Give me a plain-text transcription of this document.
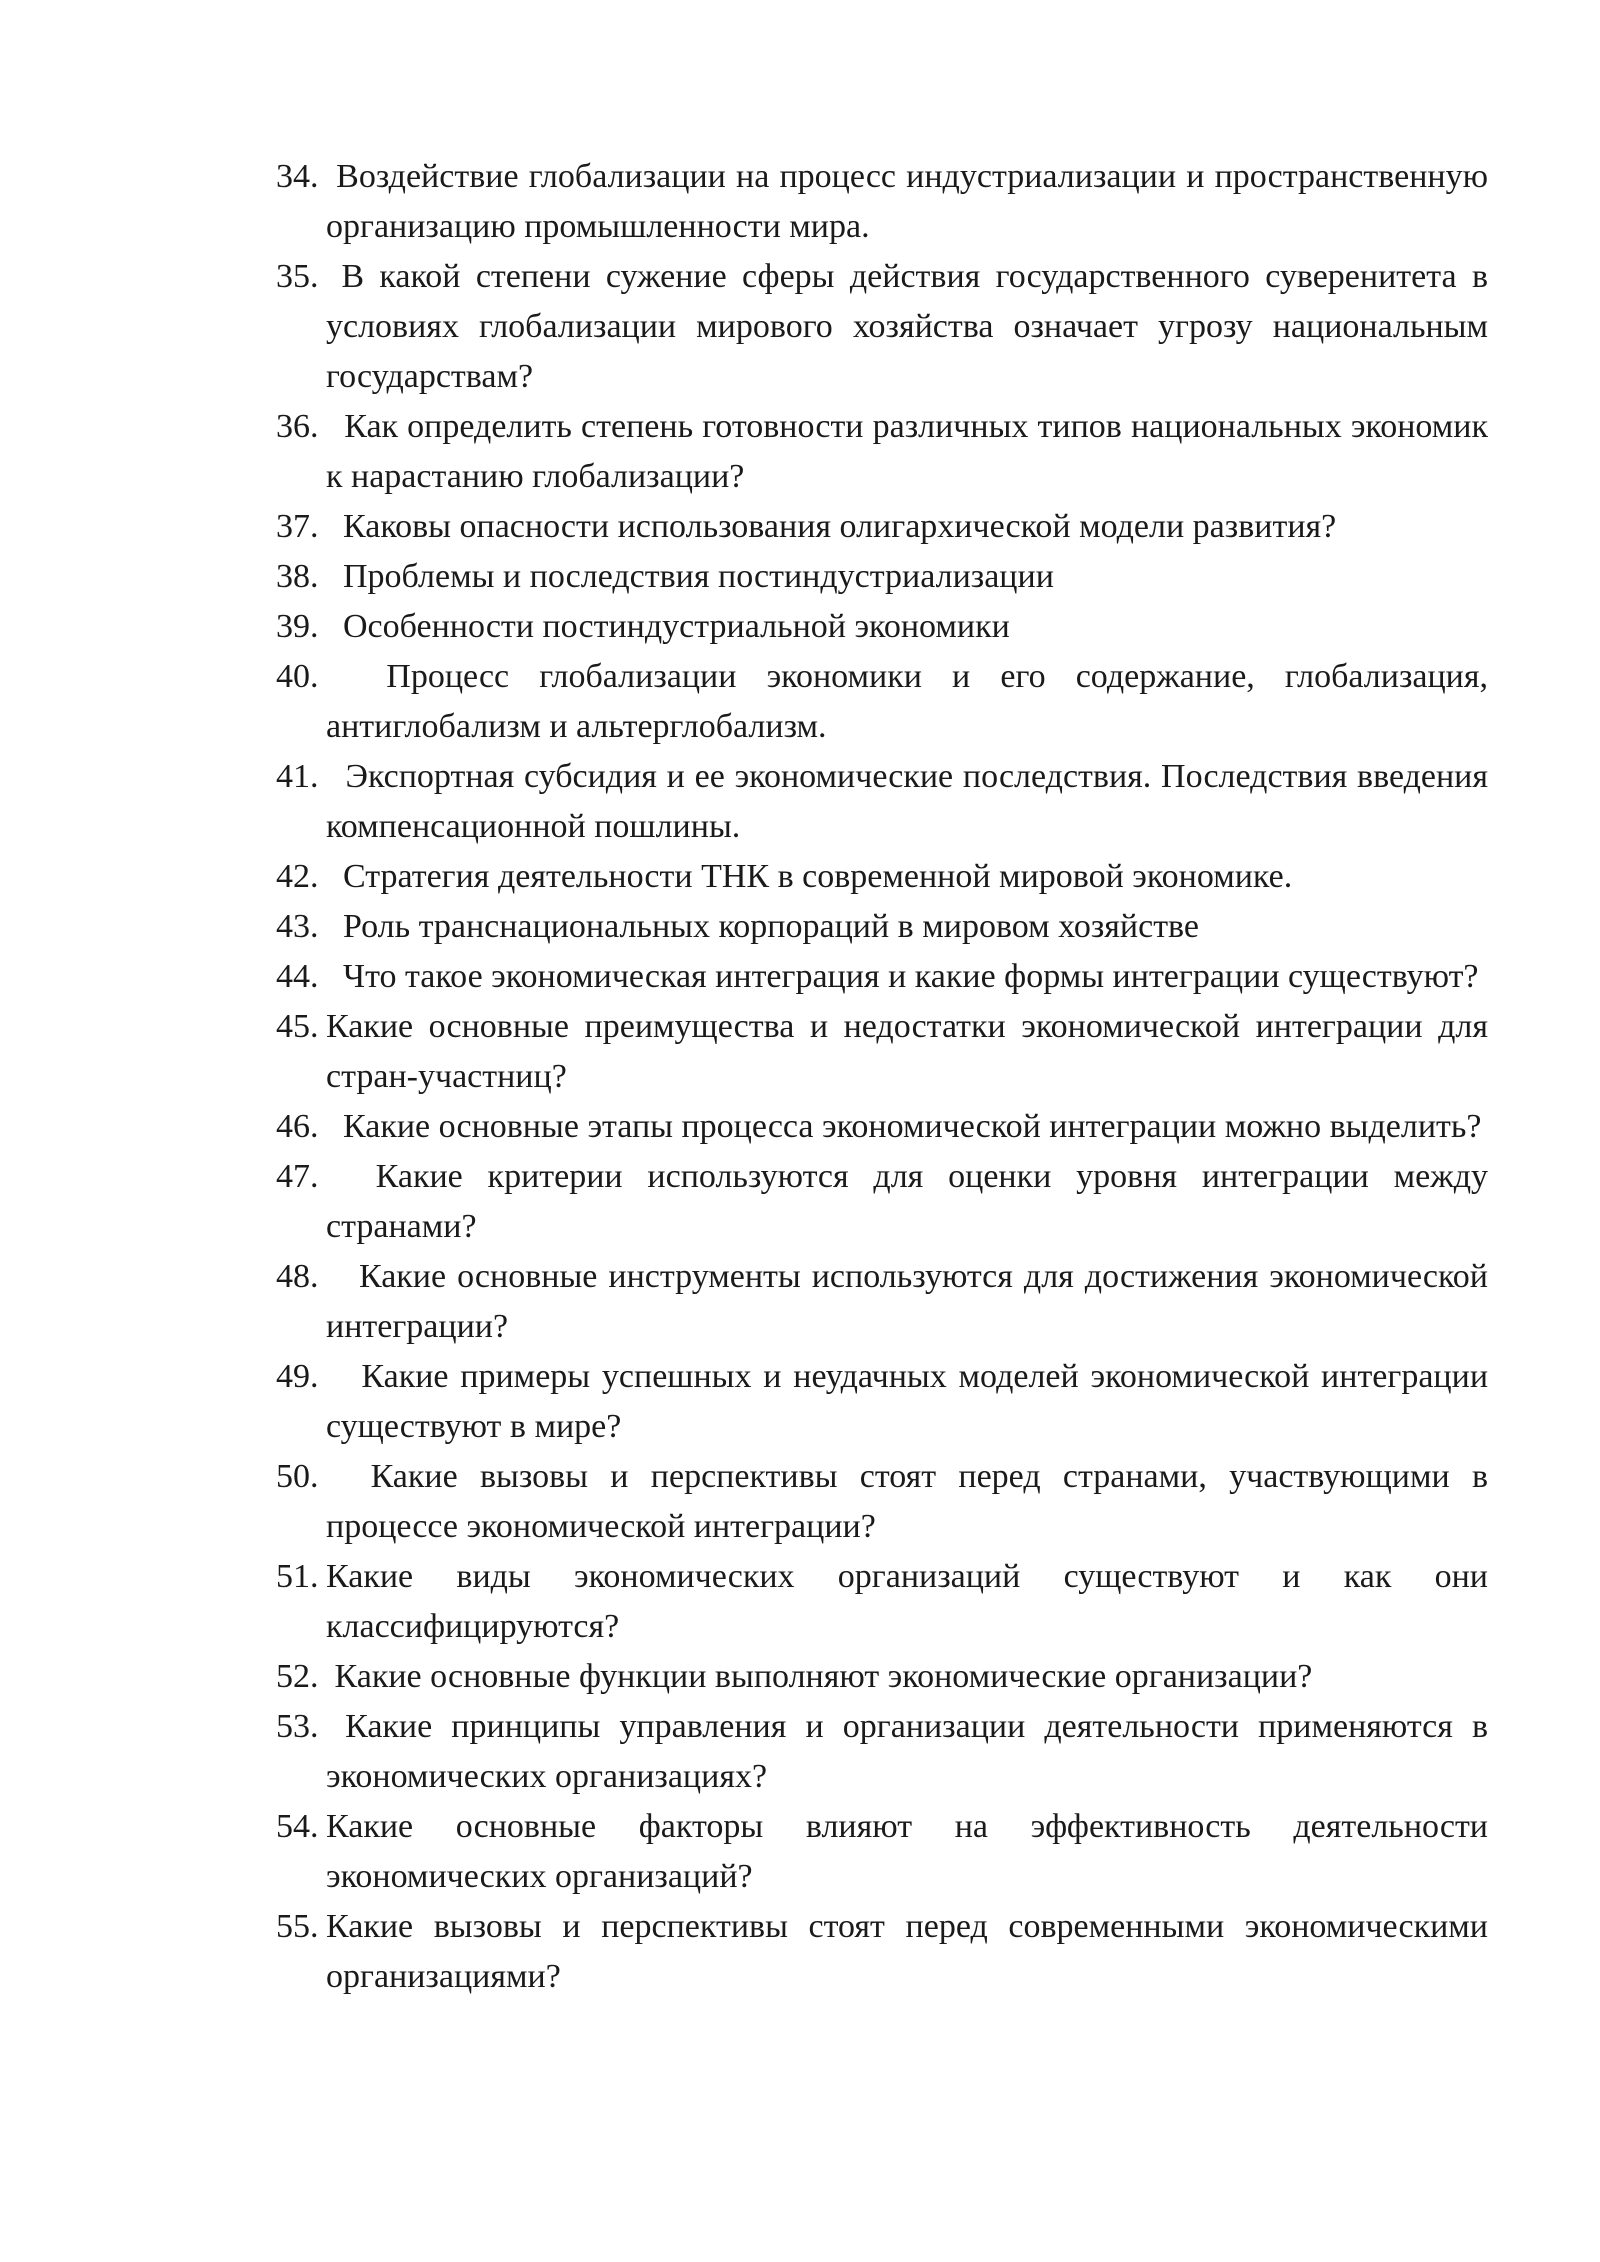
34. Воздействие глобализации на процесс индустриализации и пространственную организацию промышленности мира.
35. В какой степени сужение сферы действия государственного суверенитета в условиях глобализации мирового хозяйства означает угрозу национальным государствам?
36. Как определить степень готовности различных типов национальных экономик к нарастанию глобализации?
37. Каковы опасности использования олигархической модели развития?
38. Проблемы и последствия постиндустриализации
39. Особенности постиндустриальной экономики
40. Процесс глобализации экономики и его содержание, глобализация, антиглобализм и альтерглобализм.
41. Экспортная субсидия и ее экономические последствия. Последствия введения компенсационной пошлины.
42. Стратегия деятельности ТНК в современной мировой экономике.
43. Роль транснациональных корпораций в мировом хозяйстве
44. Что такое экономическая интеграция и какие формы интеграции существуют?
45. Какие основные преимущества и недостатки экономической интеграции для стран-участниц?
46. Какие основные этапы процесса экономической интеграции можно выделить?
47. Какие критерии используются для оценки уровня интеграции между странами?
48. Какие основные инструменты используются для достижения экономической интеграции?
49. Какие примеры успешных и неудачных моделей экономической интеграции существуют в мире?
50. Какие вызовы и перспективы стоят перед странами, участвующими в процессе экономической интеграции?
51. Какие виды экономических организаций существуют и как они классифицируются?
52. Какие основные функции выполняют экономические организации?
53. Какие принципы управления и организации деятельности применяются в экономических организациях?
54. Какие основные факторы влияют на эффективность деятельности экономических организаций?
55. Какие вызовы и перспективы стоят перед современными экономическими организациями?
